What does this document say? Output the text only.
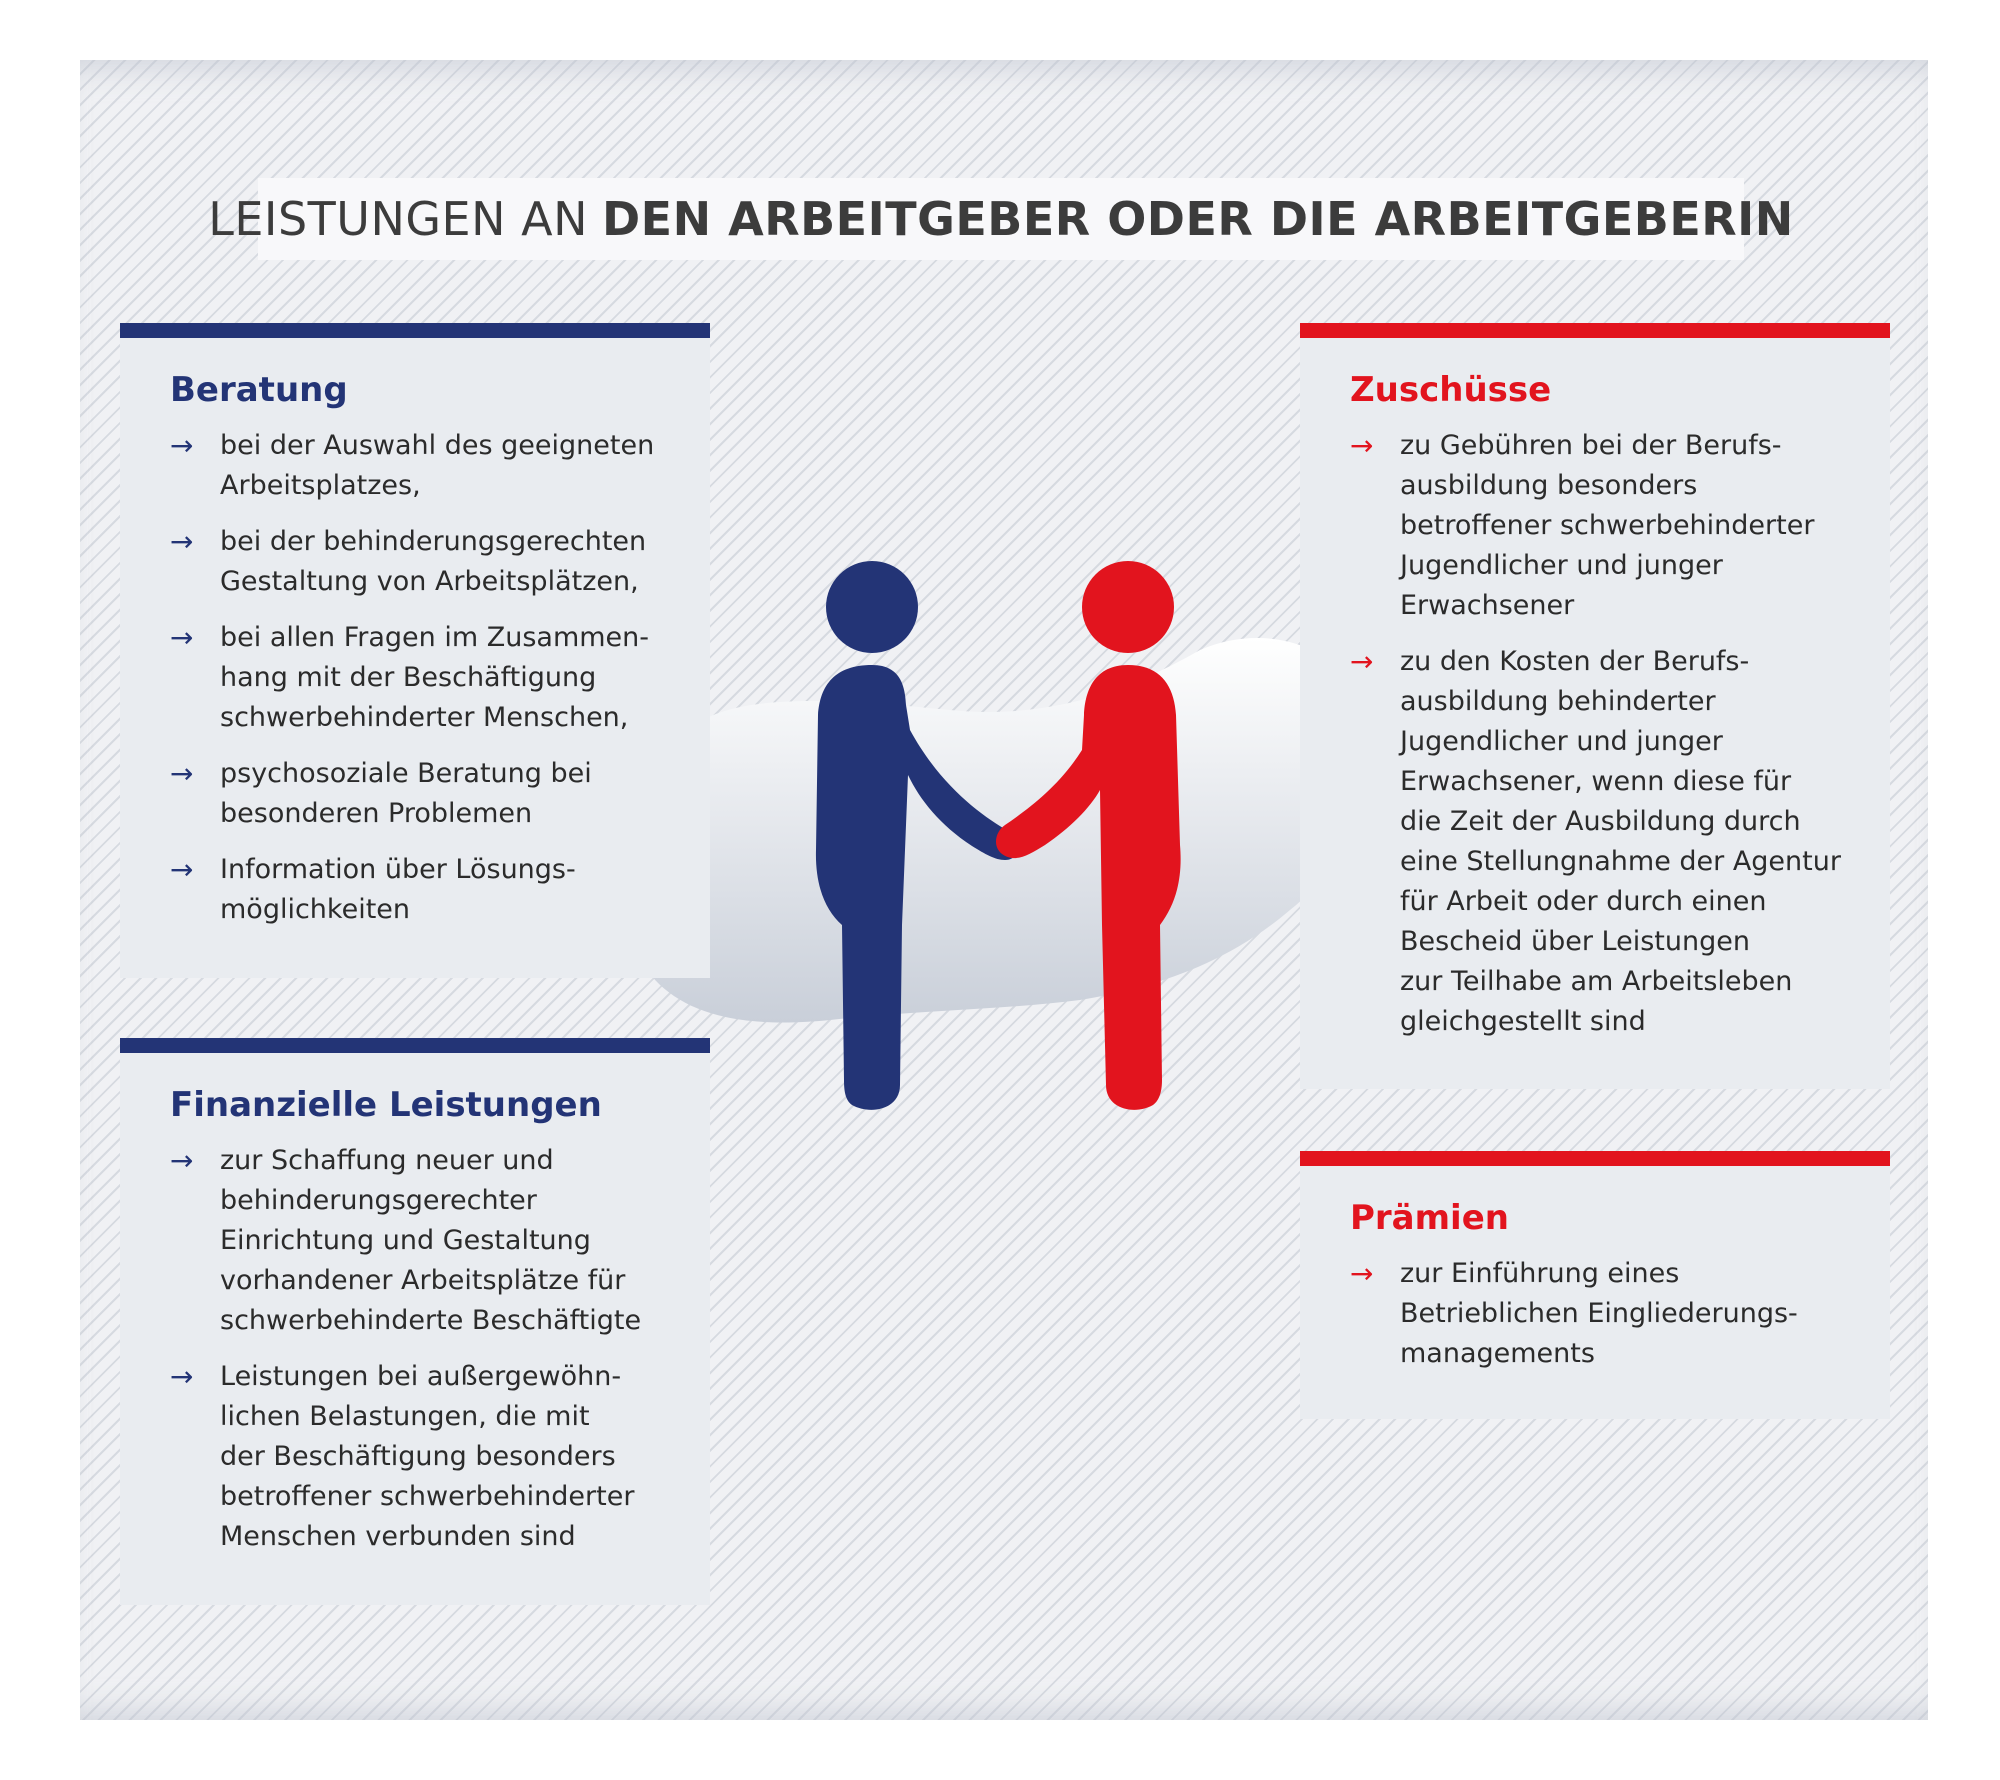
LEISTUNGEN AN DEN ARBEITGEBER ODER DIE ARBEITGEBERIN
Beratung
→ bei der Auswahl des geeigneten
Arbeitsplatzes,
→ bei der behinderungsgerechten
Gestaltung von Arbeitsplätzen,
→ bei allen Fragen im Zusammen-
hang mit der Beschäftigung
schwerbehinderter Menschen,
→ psychosoziale Beratung bei
besonderen Problemen
→ Information über Lösungs-
möglichkeiten
Finanzielle Leistungen
→ zur Schaffung neuer und
behinderungsgerechter
Einrichtung und Gestaltung
vorhandener Arbeitsplätze für
schwerbehinderte Beschäftigte
→ Leistungen bei außergewöhn-
lichen Belastungen, die mit
der Beschäftigung besonders
betroffener schwerbehinderter
Menschen verbunden sind
Zuschüsse
→ zu Gebühren bei der Berufs-
ausbildung besonders
betroffener schwerbehinderter
Jugendlicher und junger
Erwachsener
→ zu den Kosten der Berufs-
ausbildung behinderter
Jugendlicher und junger
Erwachsener, wenn diese für
die Zeit der Ausbildung durch
eine Stellungnahme der Agentur
für Arbeit oder durch einen
Bescheid über Leistungen
zur Teilhabe am Arbeitsleben
gleichgestellt sind
Prämien
→ zur Einführung eines
Betrieblichen Eingliederungs-
managements
